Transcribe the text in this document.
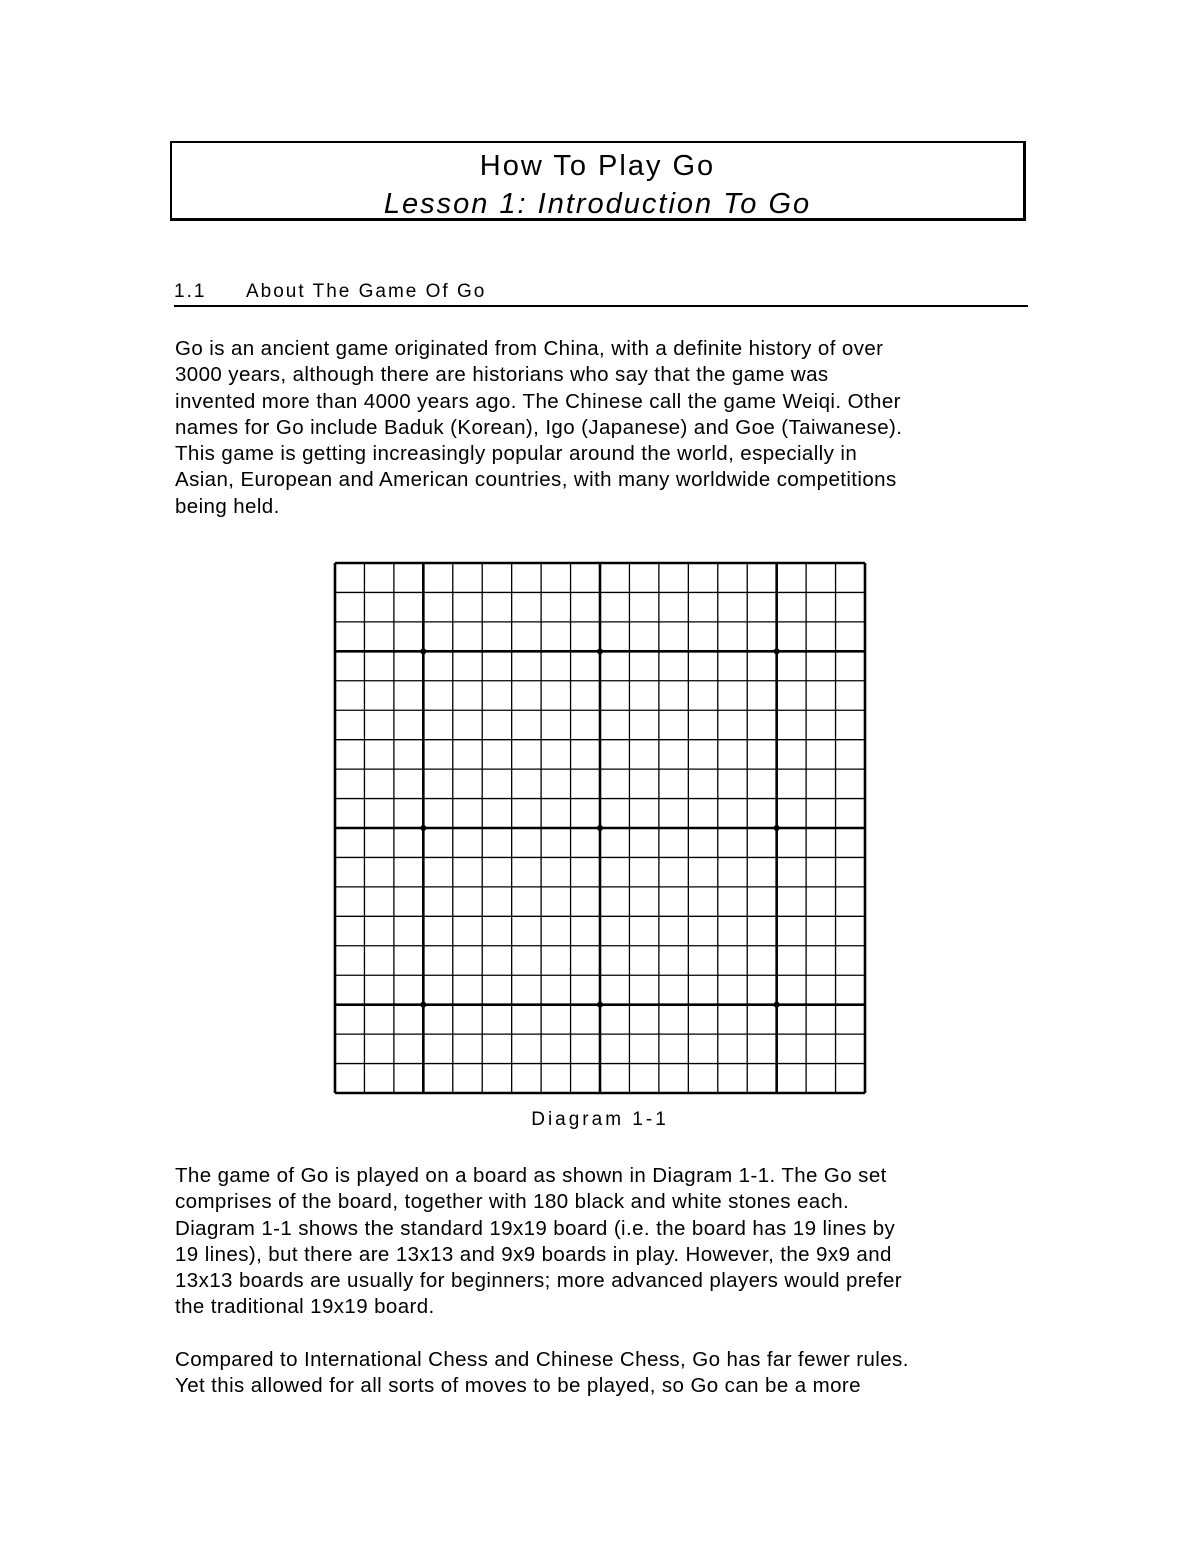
How To Play Go
Lesson 1: Introduction To Go
1.1 About The Game Of Go

Go is an ancient game originated from China, with a definite history of over
3000 years, although there are historians who say that the game was
invented more than 4000 years ago. The Chinese call the game Weiqi. Other
names for Go include Baduk (Korean), Igo (Japanese) and Goe (Taiwanese).
This game is getting increasingly popular around the world, especially in
Asian, European and American countries, with many worldwide competitions
being held.

Diagram 1-1

The game of Go is played on a board as shown in Diagram 1-1. The Go set
comprises of the board, together with 180 black and white stones each.
Diagram 1-1 shows the standard 19x19 board (i.e. the board has 19 lines by
19 lines), but there are 13x13 and 9x9 boards in play. However, the 9x9 and
13x13 boards are usually for beginners; more advanced players would prefer
the traditional 19x19 board.

Compared to International Chess and Chinese Chess, Go has far fewer rules.
Yet this allowed for all sorts of moves to be played, so Go can be a more
